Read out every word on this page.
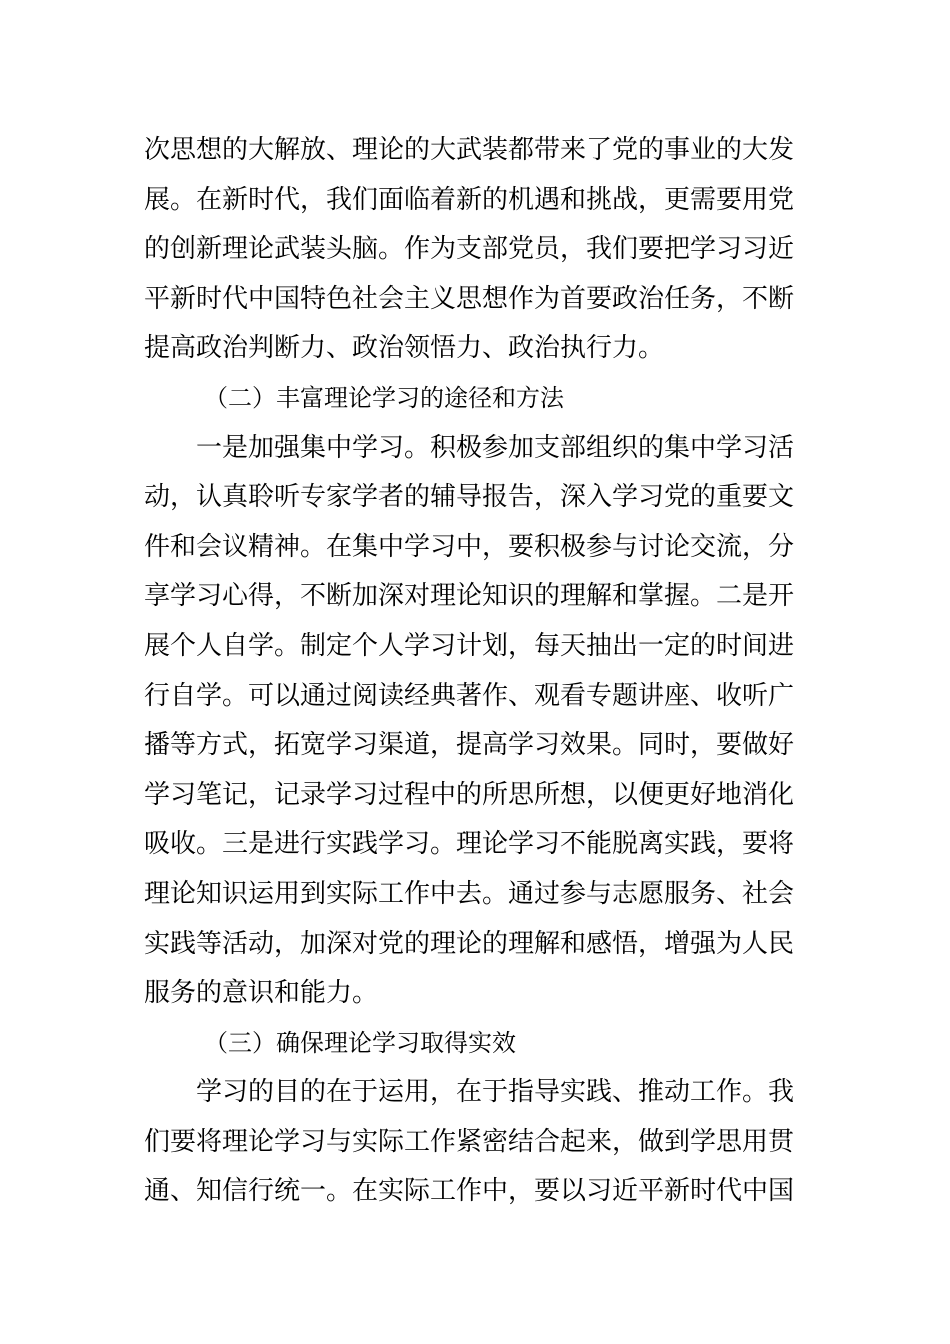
次思想的大解放、理论的大武装都带来了党的事业的大发
展。在新时代，我们面临着新的机遇和挑战，更需要用党
的创新理论武装头脑。作为支部党员，我们要把学习习近
平新时代中国特色社会主义思想作为首要政治任务，不断
提高政治判断力、政治领悟力、政治执行力。
（二）丰富理论学习的途径和方法
一是加强集中学习。积极参加支部组织的集中学习活
动，认真聆听专家学者的辅导报告，深入学习党的重要文
件和会议精神。在集中学习中，要积极参与讨论交流，分
享学习心得，不断加深对理论知识的理解和掌握。二是开
展个人自学。制定个人学习计划，每天抽出一定的时间进
行自学。可以通过阅读经典著作、观看专题讲座、收听广
播等方式，拓宽学习渠道，提高学习效果。同时，要做好
学习笔记，记录学习过程中的所思所想，以便更好地消化
吸收。三是进行实践学习。理论学习不能脱离实践，要将
理论知识运用到实际工作中去。通过参与志愿服务、社会
实践等活动，加深对党的理论的理解和感悟，增强为人民
服务的意识和能力。
（三）确保理论学习取得实效
学习的目的在于运用，在于指导实践、推动工作。我
们要将理论学习与实际工作紧密结合起来，做到学思用贯
通、知信行统一。在实际工作中，要以习近平新时代中国
